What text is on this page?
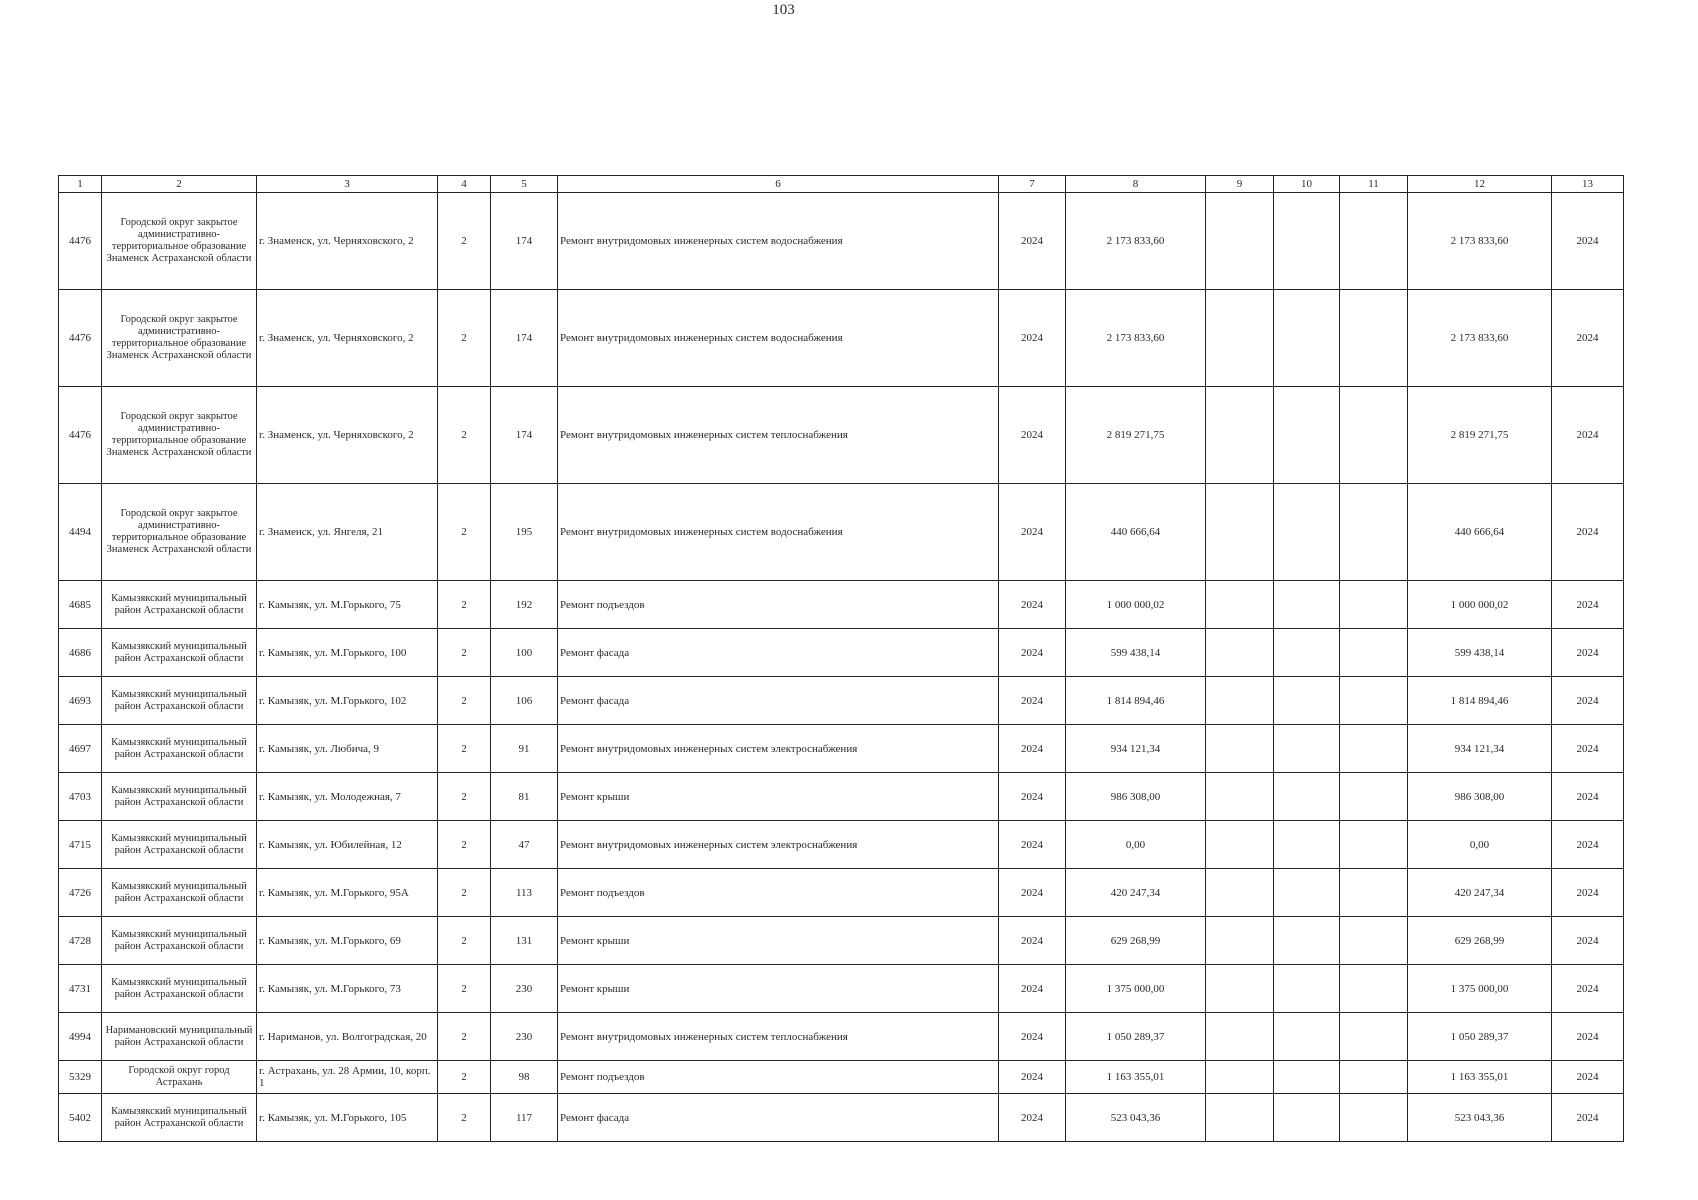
103
1	2	3	4	5	6	7	8	9	10	11	12	13
4476	Городской округ закрытое административно-территориальное образование Знаменск Астраханской области	г. Знаменск, ул. Черняховского, 2	2	174	Ремонт внутридомовых инженерных систем водоснабжения	2024	2 173 833,60				2 173 833,60	2024
4476	Городской округ закрытое административно-территориальное образование Знаменск Астраханской области	г. Знаменск, ул. Черняховского, 2	2	174	Ремонт внутридомовых инженерных систем водоснабжения	2024	2 173 833,60				2 173 833,60	2024
4476	Городской округ закрытое административно-территориальное образование Знаменск Астраханской области	г. Знаменск, ул. Черняховского, 2	2	174	Ремонт внутридомовых инженерных систем теплоснабжения	2024	2 819 271,75				2 819 271,75	2024
4494	Городской округ закрытое административно-территориальное образование Знаменск Астраханской области	г. Знаменск, ул. Янгеля, 21	2	195	Ремонт внутридомовых инженерных систем водоснабжения	2024	440 666,64				440 666,64	2024
4685	Камызякский муниципальный район Астраханской области	г. Камызяк, ул. М.Горького, 75	2	192	Ремонт подъездов	2024	1 000 000,02				1 000 000,02	2024
4686	Камызякский муниципальный район Астраханской области	г. Камызяк, ул. М.Горького, 100	2	100	Ремонт фасада	2024	599 438,14				599 438,14	2024
4693	Камызякский муниципальный район Астраханской области	г. Камызяк, ул. М.Горького, 102	2	106	Ремонт фасада	2024	1 814 894,46				1 814 894,46	2024
4697	Камызякский муниципальный район Астраханской области	г. Камызяк, ул. Любича, 9	2	91	Ремонт внутридомовых инженерных систем электроснабжения	2024	934 121,34				934 121,34	2024
4703	Камызякский муниципальный район Астраханской области	г. Камызяк, ул. Молодежная, 7	2	81	Ремонт крыши	2024	986 308,00				986 308,00	2024
4715	Камызякский муниципальный район Астраханской области	г. Камызяк, ул. Юбилейная, 12	2	47	Ремонт внутридомовых инженерных систем электроснабжения	2024	0,00				0,00	2024
4726	Камызякский муниципальный район Астраханской области	г. Камызяк, ул. М.Горького, 95А	2	113	Ремонт подъездов	2024	420 247,34				420 247,34	2024
4728	Камызякский муниципальный район Астраханской области	г. Камызяк, ул. М.Горького, 69	2	131	Ремонт крыши	2024	629 268,99				629 268,99	2024
4731	Камызякский муниципальный район Астраханской области	г. Камызяк, ул. М.Горького, 73	2	230	Ремонт крыши	2024	1 375 000,00				1 375 000,00	2024
4994	Наримановский муниципальный район Астраханской области	г. Нариманов, ул. Волгоградская, 20	2	230	Ремонт внутридомовых инженерных систем теплоснабжения	2024	1 050 289,37				1 050 289,37	2024
5329	Городской округ город Астрахань	г. Астрахань, ул. 28 Армии, 10, корп. 1	2	98	Ремонт подъездов	2024	1 163 355,01				1 163 355,01	2024
5402	Камызякский муниципальный район Астраханской области	г. Камызяк, ул. М.Горького, 105	2	117	Ремонт фасада	2024	523 043,36				523 043,36	2024
